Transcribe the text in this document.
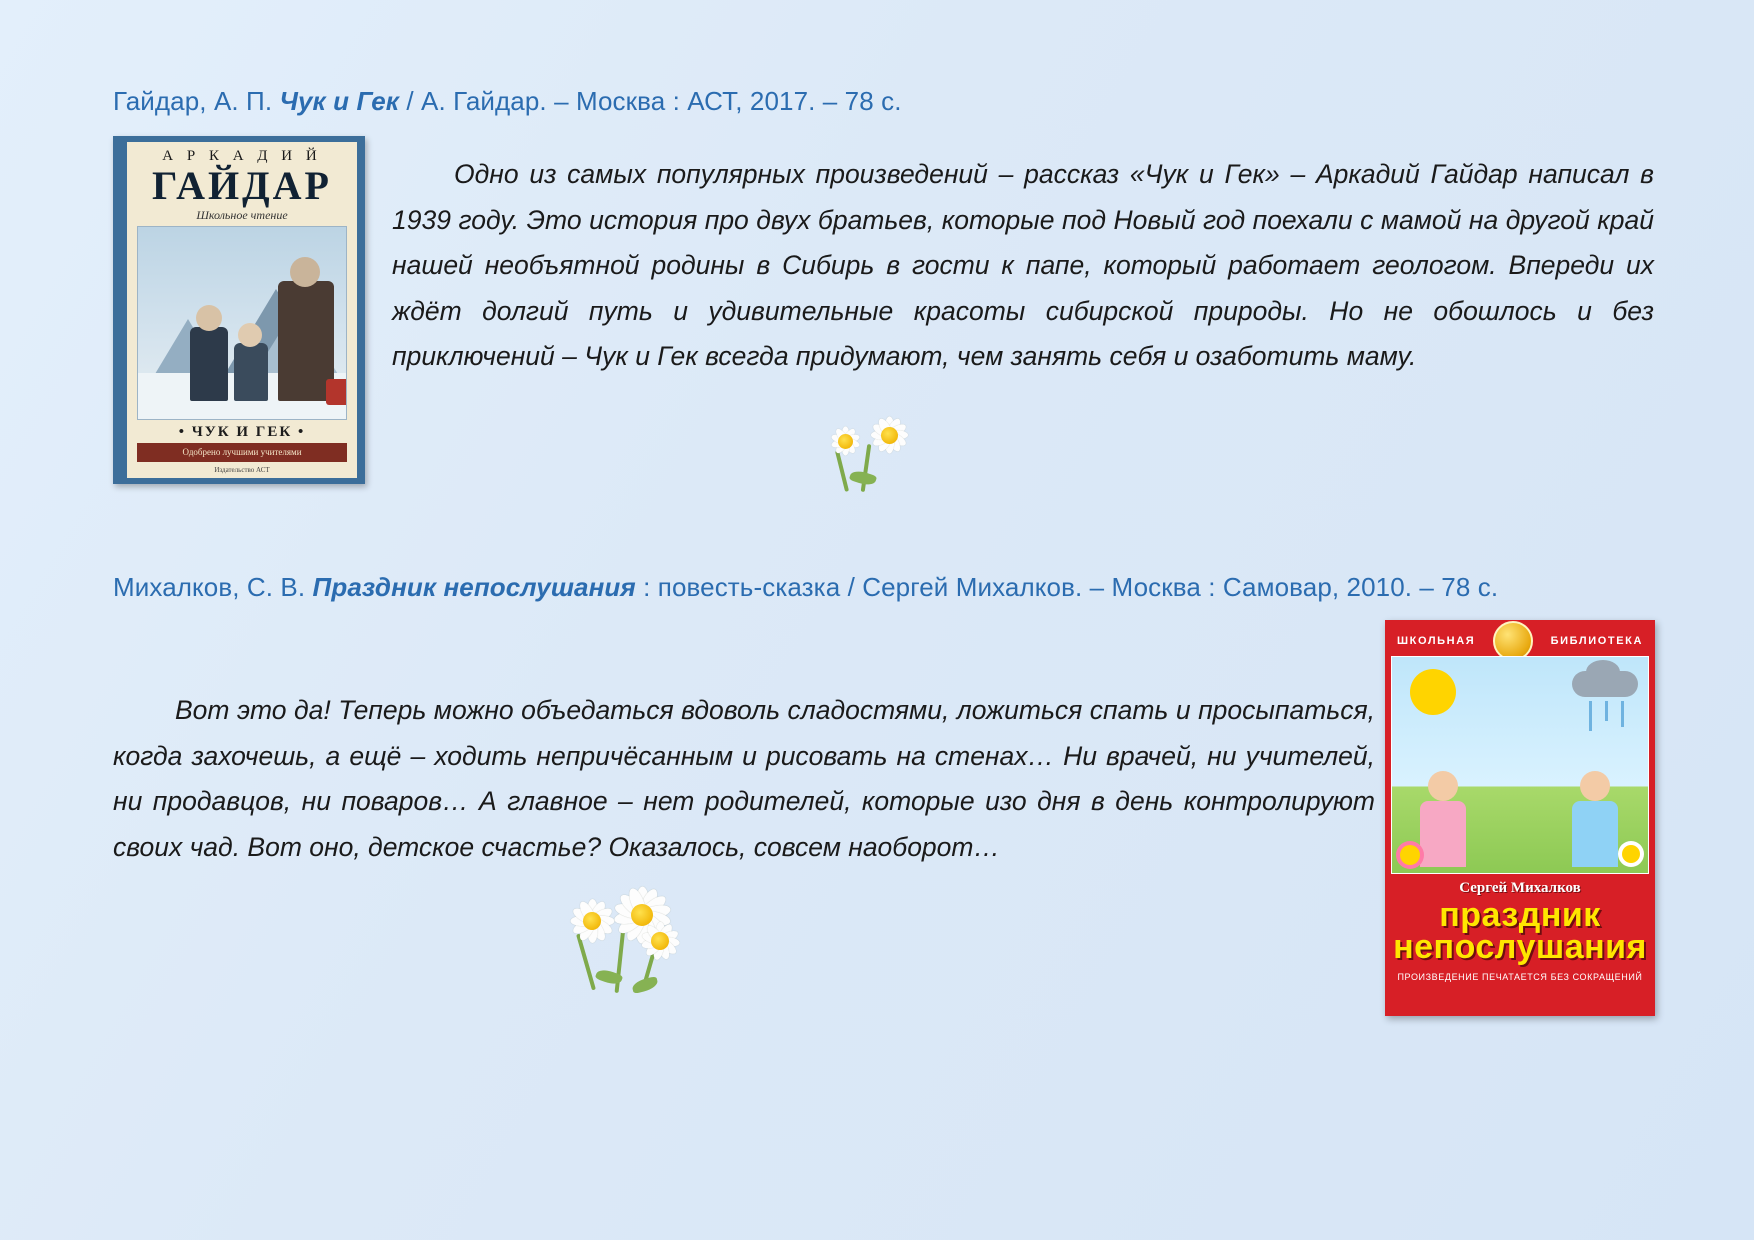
Гайдар, А. П. Чук и Гек / А. Гайдар. – Москва : АСТ, 2017. – 78 с.
А Р К А Д И Й
ГАЙДАР
Школьное чтение
• ЧУК И ГЕК •
Одобрено лучшими учителями
Издательство АСТ
Одно из самых популярных произведений – рассказ «Чук и Гек» – Аркадий Гайдар написал в 1939 году. Это история про двух братьев, которые под Новый год поехали с мамой на другой край нашей необъятной родины в Сибирь в гости к папе, который работает геологом. Впереди их ждёт долгий путь и удивительные красоты сибирской природы. Но не обошлось и без приключений – Чук и Гек всегда придумают, чем занять себя и озаботить маму.
Михалков, С. В. Праздник непослушания : повесть-сказка / Сергей Михалков. – Москва : Самовар, 2010. – 78 с.
Вот это да! Теперь можно объедаться вдоволь сладостями, ложиться спать и просыпаться, когда захочешь, а ещё – ходить непричёсанным и рисовать на стенах… Ни врачей, ни учителей, ни продавцов, ни поваров… А главное – нет родителей, которые изо дня в день контролируют своих чад. Вот оно, детское счастье? Оказалось, совсем наоборот…
ШКОЛЬНАЯ	БИБЛИОТЕКА
Сергей Михалков
праздник
непослушания
ПРОИЗВЕДЕНИЕ ПЕЧАТАЕТСЯ БЕЗ СОКРАЩЕНИЙ
